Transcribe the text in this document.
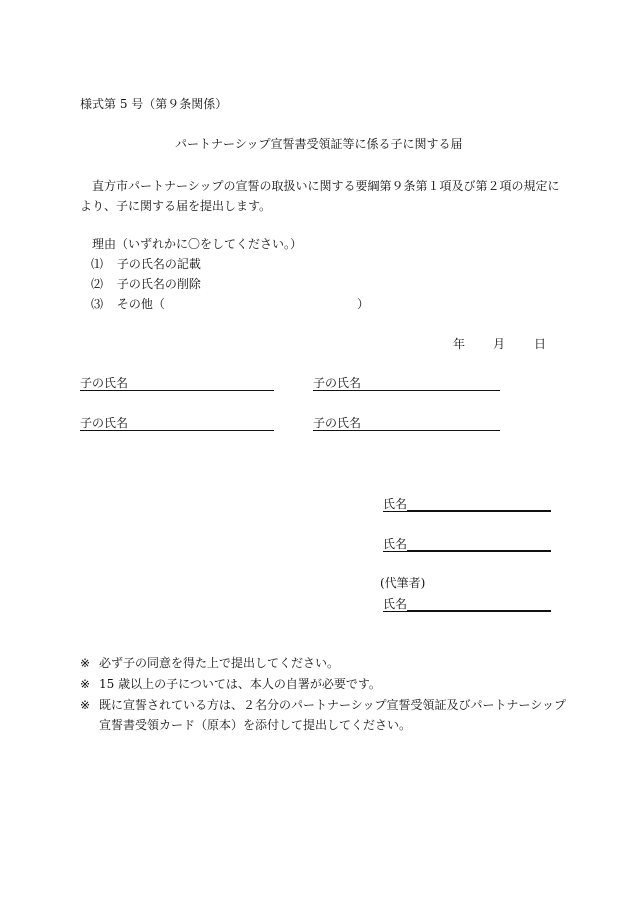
様式第 5 号（第９条関係）
パートナーシップ宣誓書受領証等に係る子に関する届
直方市パートナーシップの宣誓の取扱いに関する要綱第９条第１項及び第２項の規定に
より、子に関する届を提出します。
理由（いずれかに〇をしてください。）
⑴ 子の氏名の記載
⑵ 子の氏名の削除
⑶ その他（	）
年 月 日
子の氏名	子の氏名
子の氏名	子の氏名
氏名
氏名
(代筆者)
氏名
※ 必ず子の同意を得た上で提出してください。
※ 15 歳以上の子については、本人の自署が必要です。
※ 既に宣誓されている方は、２名分のパートナーシップ宣誓受領証及びパートナーシップ
宣誓書受領カード（原本）を添付して提出してください。
